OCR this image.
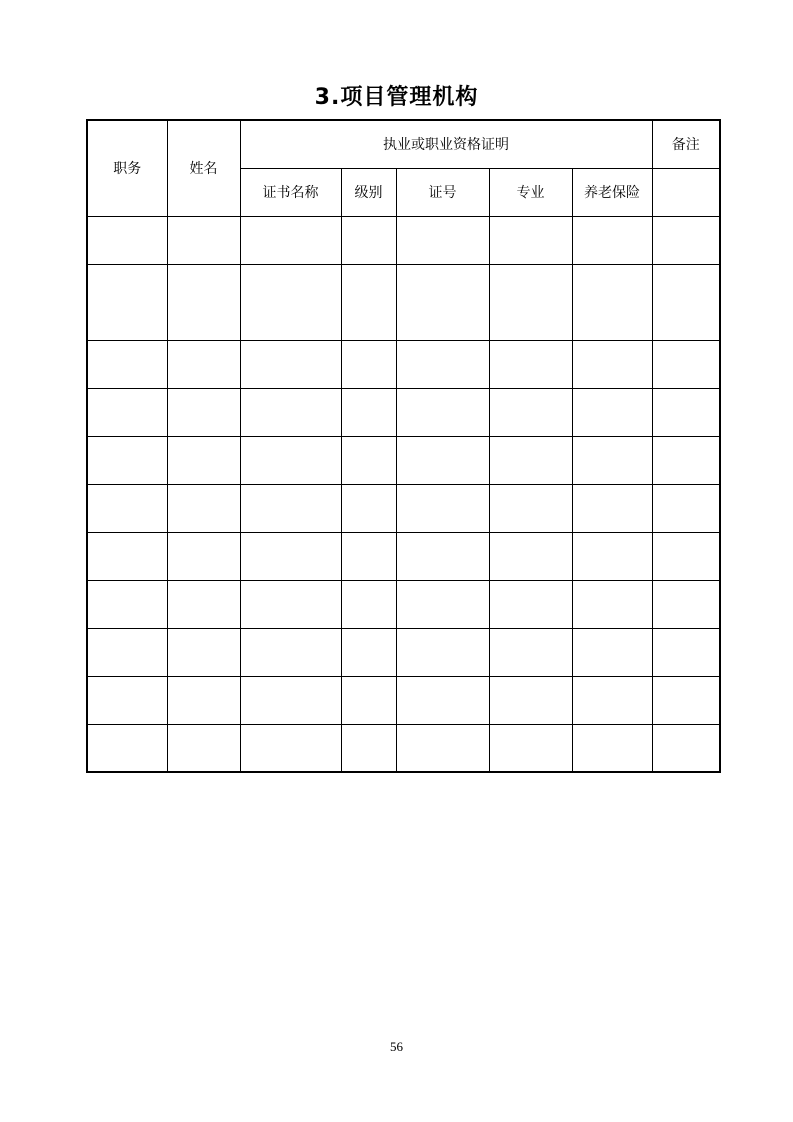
3.项目管理机构
职务	姓名	执业或职业资格证明					备注
		证书名称	级别	证号	专业	养老保险	

56
